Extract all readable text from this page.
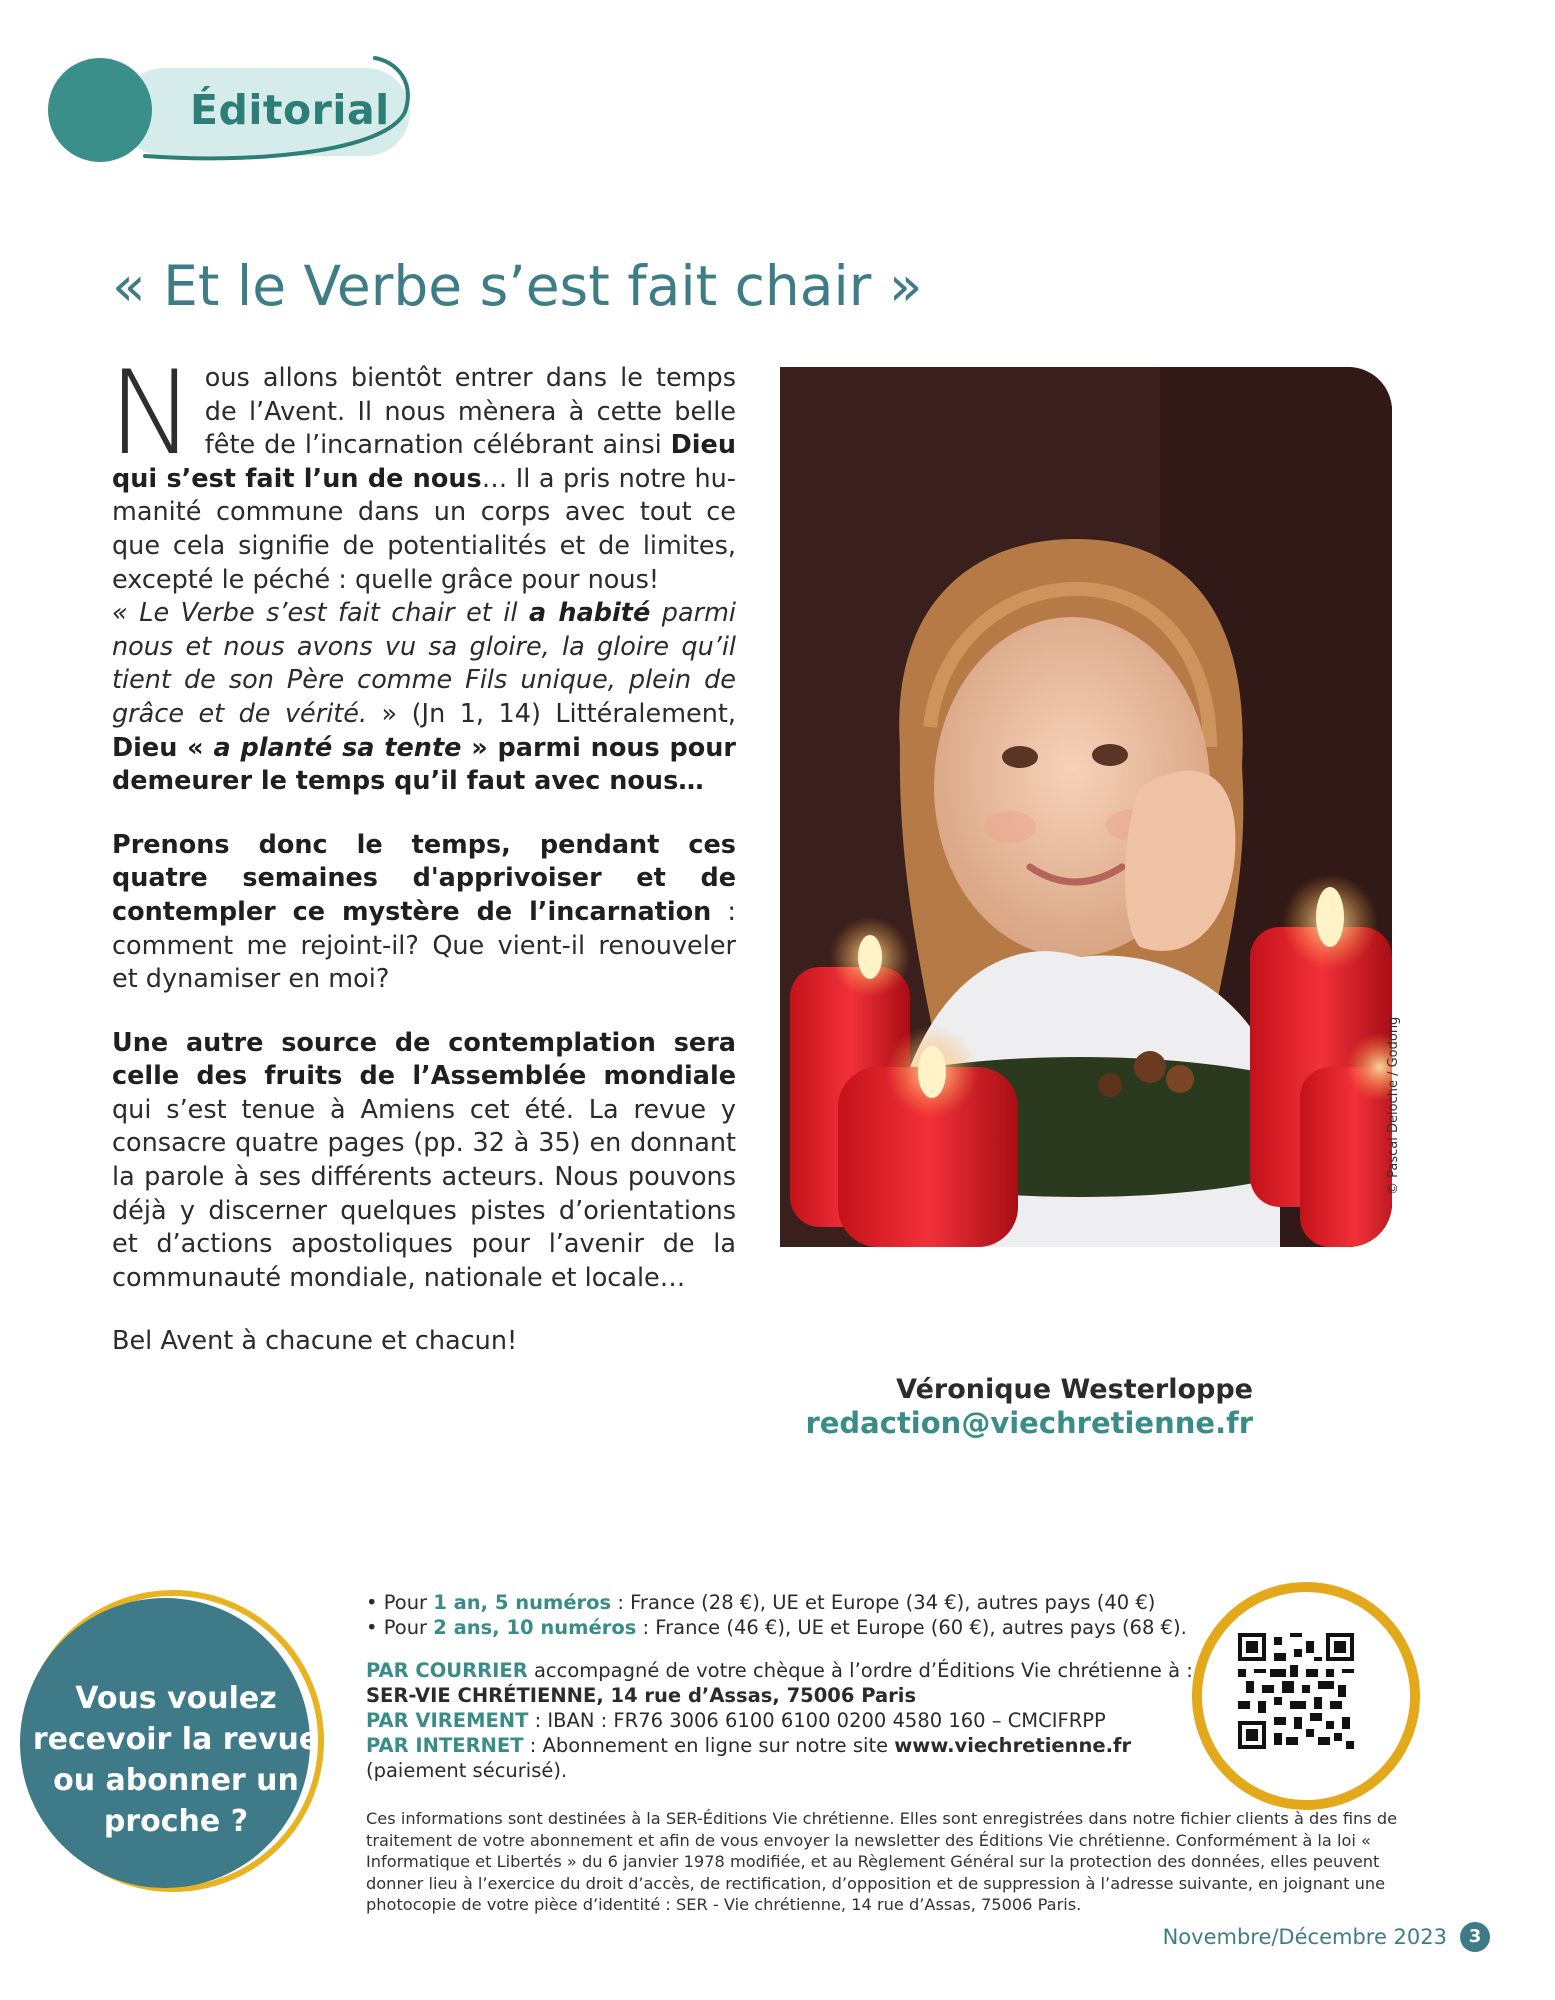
Éditorial
« Et le Verbe s’est fait chair »

Nous allons bientôt entrer dans le temps de l’Avent. Il nous mènera à cette belle fête de l’incarnation célébrant ainsi Dieu qui s’est fait l’un de nous… Il a pris notre humanité commune dans un corps avec tout ce que cela signifie de potentialités et de limites, excepté le péché : quelle grâce pour nous!
« Le Verbe s’est fait chair et il a habité parmi nous et nous avons vu sa gloire, la gloire qu’il tient de son Père comme Fils unique, plein de grâce et de vérité. » (Jn 1, 14) Littéralement, Dieu « a planté sa tente » parmi nous pour demeurer le temps qu’il faut avec nous…

Prenons donc le temps, pendant ces quatre semaines d'apprivoiser et de contempler ce mystère de l’incarnation : comment me rejoint-il? Que vient-il renouveler et dynamiser en moi?

Une autre source de contemplation sera celle des fruits de l’Assemblée mondiale qui s’est tenue à Amiens cet été. La revue y consacre quatre pages (pp. 32 à 35) en donnant la parole à ses différents acteurs. Nous pouvons déjà y discerner quelques pistes d’orientations et d’actions apostoliques pour l’avenir de la communauté mondiale, nationale et locale…

Bel Avent à chacune et chacun!

© Pascal Deloche / Godong
Véronique Westerloppe
redaction@viechretienne.fr
Vous voulez recevoir la revue ou abonner un proche ?
• Pour 1 an, 5 numéros : France (28 €), UE et Europe (34 €), autres pays (40 €)
• Pour 2 ans, 10 numéros : France (46 €), UE et Europe (60 €), autres pays (68 €).
PAR COURRIER accompagné de votre chèque à l’ordre d’Éditions Vie chrétienne à :
SER-VIE CHRÉTIENNE, 14 rue d’Assas, 75006 Paris
PAR VIREMENT : IBAN : FR76 3006 6100 6100 0200 4580 160 – CMCIFRPP
PAR INTERNET : Abonnement en ligne sur notre site www.viechretienne.fr
(paiement sécurisé).
Ces informations sont destinées à la SER-Éditions Vie chrétienne. Elles sont enregistrées dans notre fichier clients à des fins de traitement de votre abonnement et afin de vous envoyer la newsletter des Éditions Vie chrétienne. Conformément à la loi « Informatique et Libertés » du 6 janvier 1978 modifiée, et au Règlement Général sur la protection des données, elles peuvent donner lieu à l’exercice du droit d’accès, de rectification, d’opposition et de suppression à l’adresse suivante, en joignant une photocopie de votre pièce d’identité : SER - Vie chrétienne, 14 rue d’Assas, 75006 Paris.
Novembre/Décembre 2023	3
